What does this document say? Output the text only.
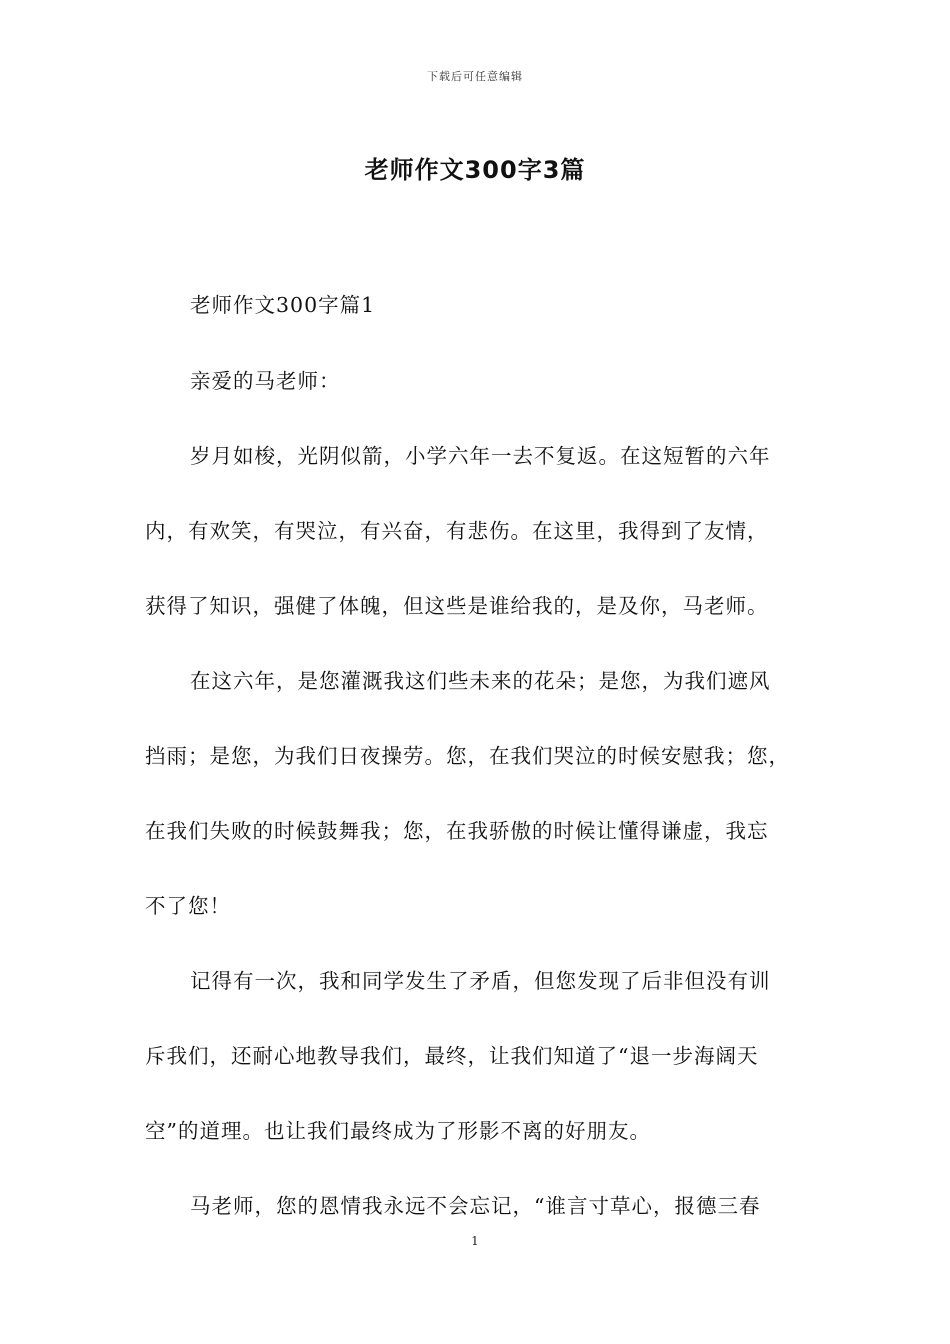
下载后可任意编辑
老师作文300字3篇
老师作文300字篇1
亲爱的马老师：
岁月如梭，光阴似箭，小学六年一去不复返。在这短暂的六年
内，有欢笑，有哭泣，有兴奋，有悲伤。在这里，我得到了友情，
获得了知识，强健了体魄，但这些是谁给我的，是及你，马老师。
在这六年，是您灌溉我这们些未来的花朵；是您，为我们遮风
挡雨；是您，为我们日夜操劳。您，在我们哭泣的时候安慰我；您，
在我们失败的时候鼓舞我；您，在我骄傲的时候让懂得谦虚，我忘
不了您！
记得有一次，我和同学发生了矛盾，但您发现了后非但没有训
斥我们，还耐心地教导我们，最终，让我们知道了“退一步海阔天
空”的道理。也让我们最终成为了形影不离的好朋友。
马老师，您的恩情我永远不会忘记，“谁言寸草心，报德三春
1
